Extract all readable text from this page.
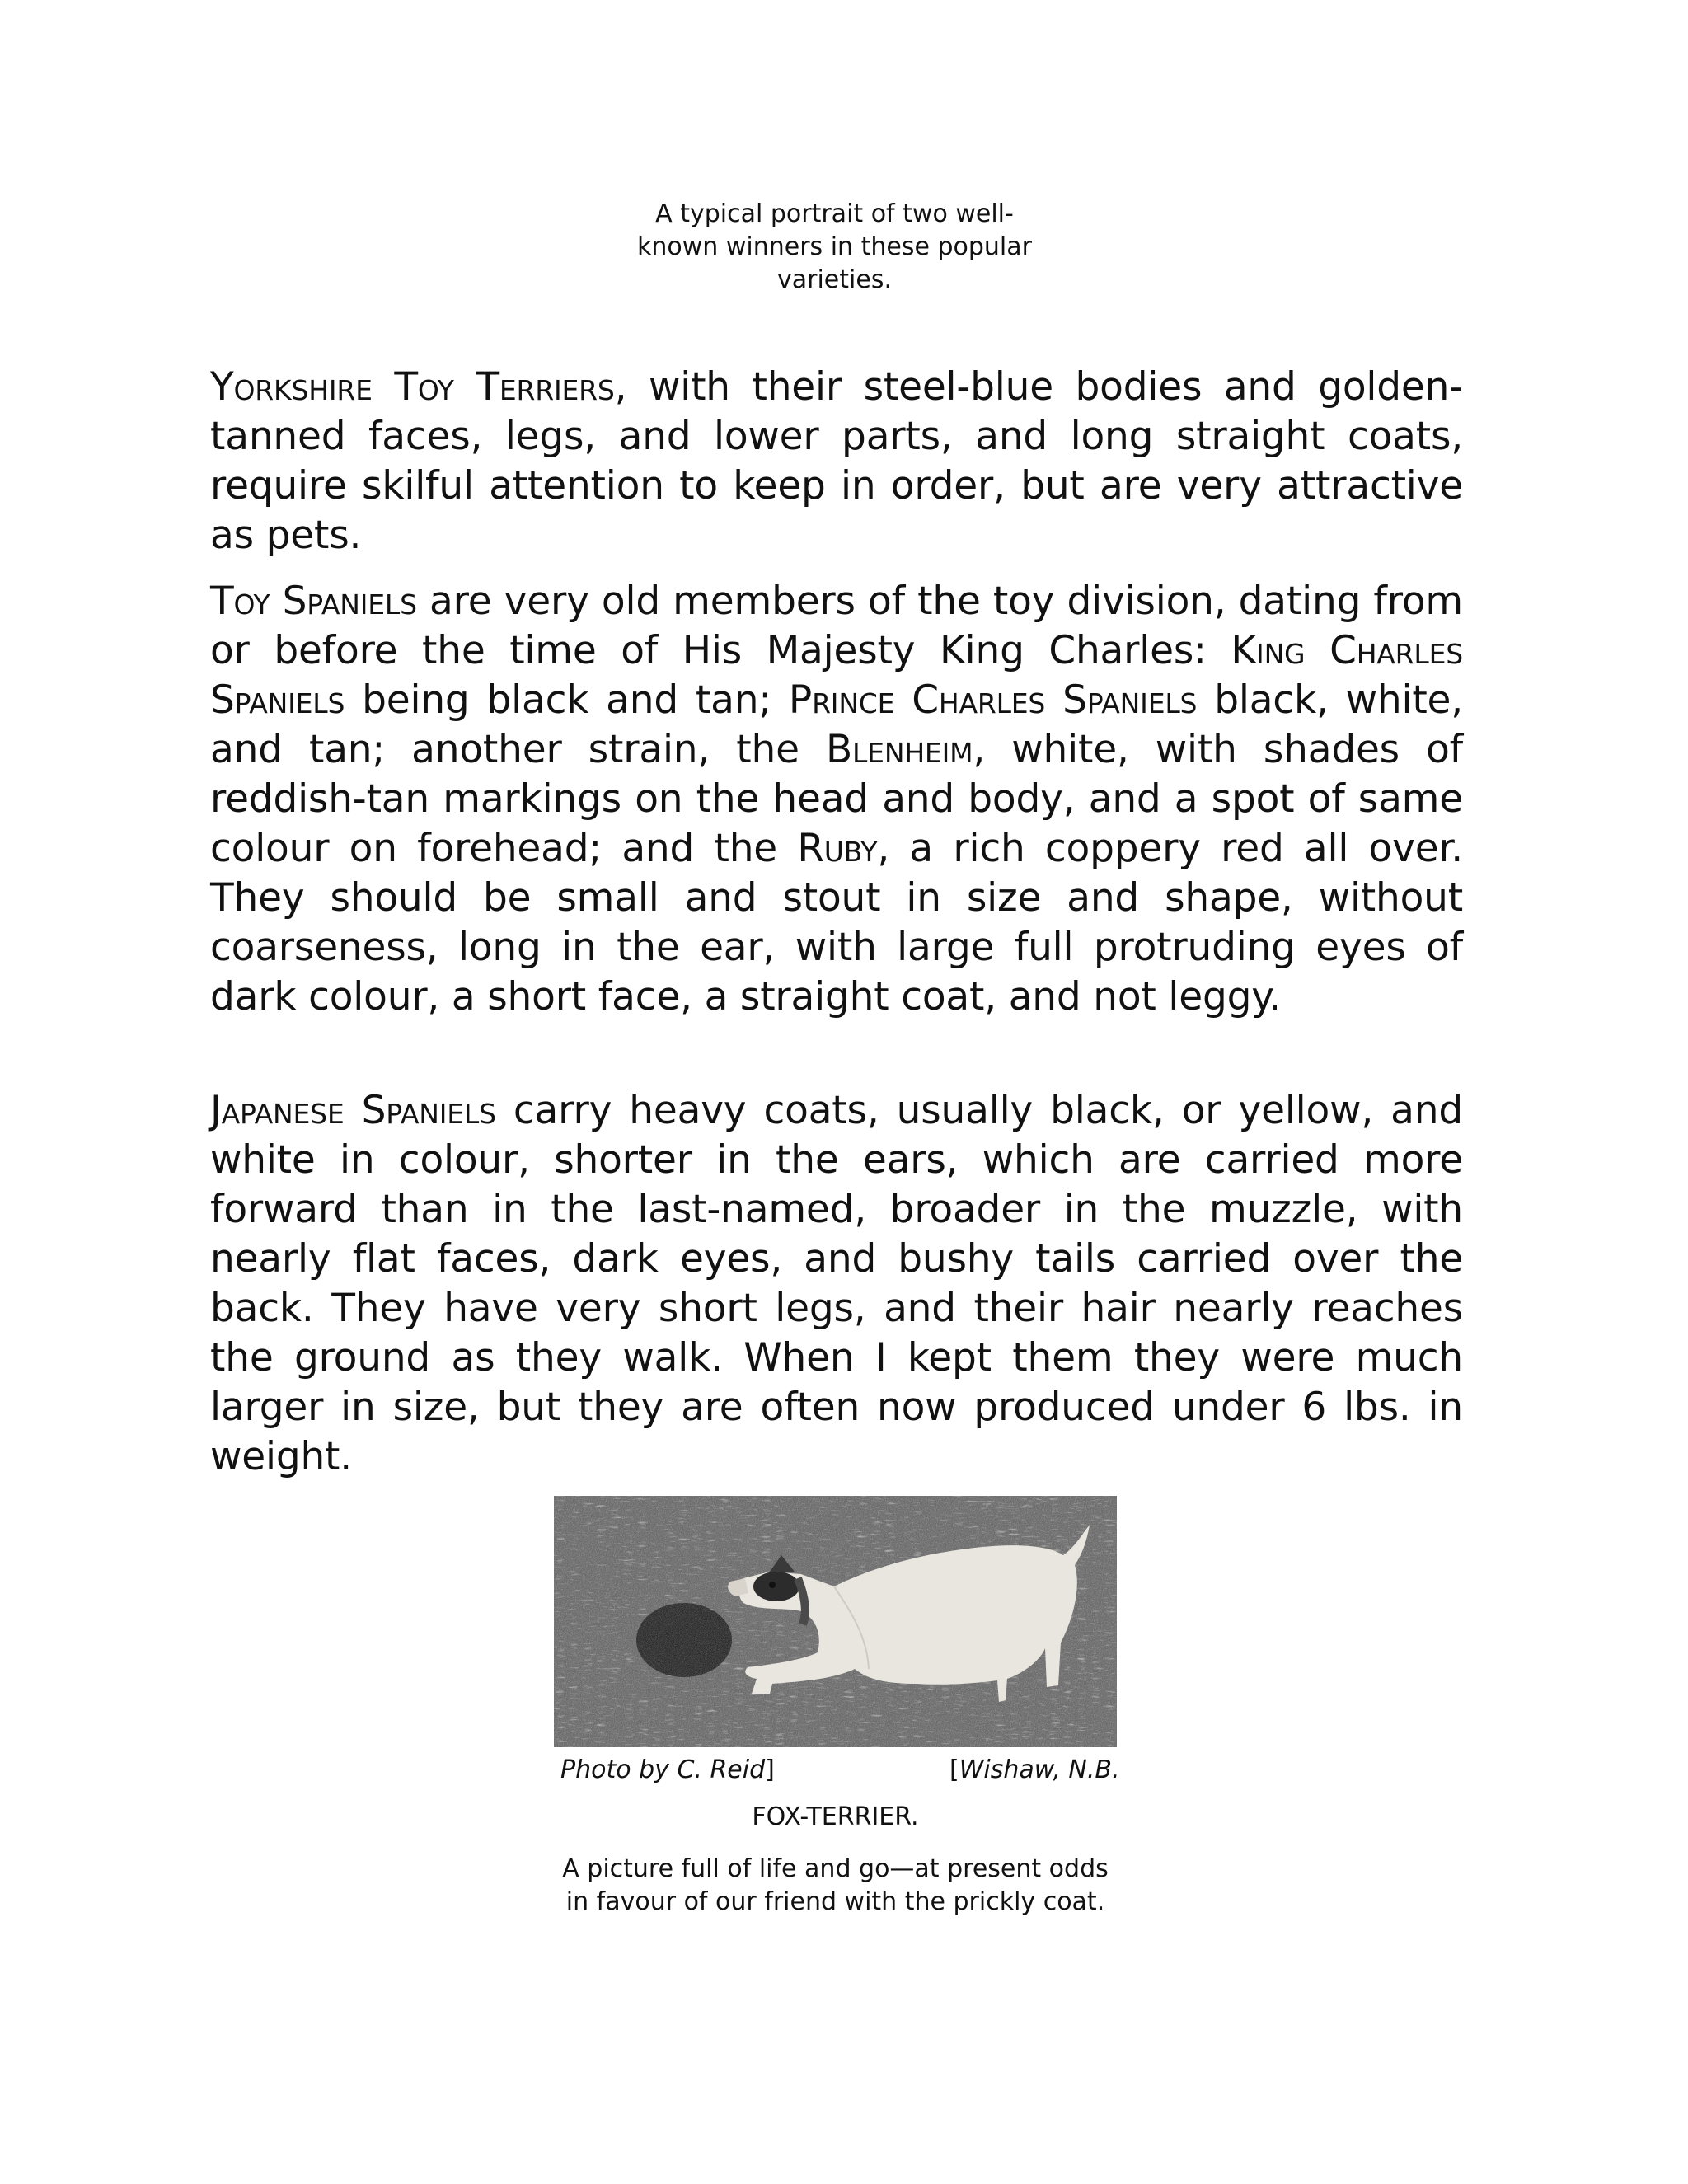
A typical portrait of two well-known winners in these popular varieties.

Yorkshire Toy Terriers, with their steel-blue bodies and golden-tanned faces, legs, and lower parts, and long straight coats, require skilful attention to keep in order, but are very attractive as pets.

Toy Spaniels are very old members of the toy division, dating from or before the time of His Majesty King Charles: King Charles Spaniels being black and tan; Prince Charles Spaniels black, white, and tan; another strain, the Blenheim, white, with shades of reddish-tan markings on the head and body, and a spot of same colour on forehead; and the Ruby, a rich coppery red all over. They should be small and stout in size and shape, without coarseness, long in the ear, with large full protruding eyes of dark colour, a short face, a straight coat, and not leggy.

Japanese Spaniels carry heavy coats, usually black, or yellow, and white in colour, shorter in the ears, which are carried more forward than in the last-named, broader in the muzzle, with nearly flat faces, dark eyes, and bushy tails carried over the back. They have very short legs, and their hair nearly reaches the ground as they walk. When I kept them they were much larger in size, but they are often now produced under 6 lbs. in weight.

Photo by C. Reid]	[Wishaw, N.B.
FOX-TERRIER.
A picture full of life and go—at present odds in favour of our friend with the prickly coat.
